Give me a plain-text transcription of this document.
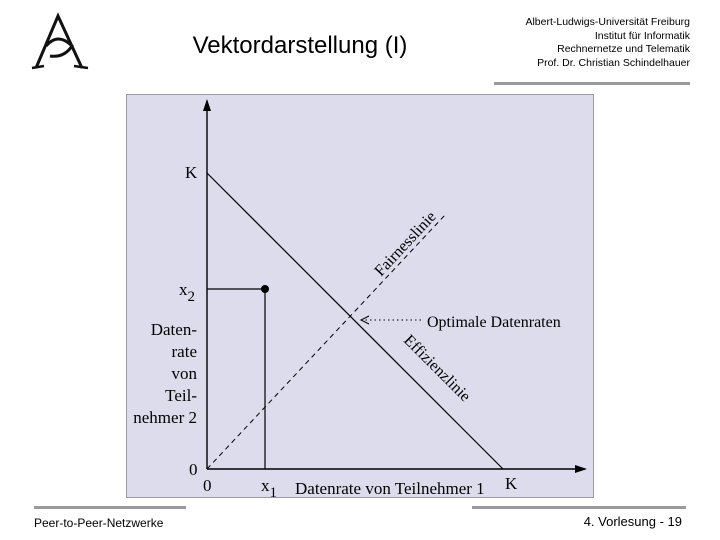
Vektordarstellung (I)
Albert-Ludwigs-Universität Freiburg
Institut für Informatik
Rechnernetze und Telematik
Prof. Dr. Christian Schindelhauer
K
K
0
0
x2
x1 Datenrate von Teilnehmer 1
Daten-
rate
von
Teil-
nehmer 2
Fairnesslinie
Effizienzlinie
Optimale Datenraten
Peer-to-Peer-Netzwerke	4. Vorlesung - 19
